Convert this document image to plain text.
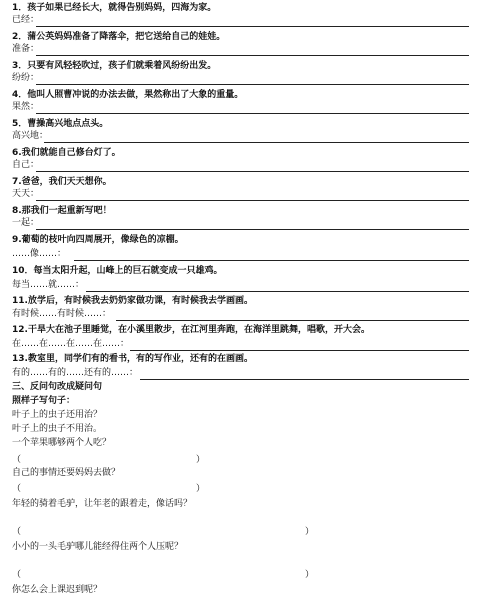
1．孩子如果已经长大，就得告别妈妈，四海为家。
已经：
2．蒲公英妈妈准备了降落伞，把它送给自己的娃娃。
准备：
3．只要有风轻轻吹过，孩子们就乘着风纷纷出发。
纷纷：
4．他叫人照曹冲说的办法去做，果然称出了大象的重量。
果然：
5．曹操高兴地点点头。
高兴地：
6.我们就能自己修台灯了。
自己：
7.爸爸，我们天天想你。
天天：
8.那我们一起重新写吧！
一起：
9.葡萄的枝叶向四周展开，像绿色的凉棚。
……像……：
10．每当太阳升起，山峰上的巨石就变成一只雄鸡。
每当……就……：
11.放学后，有时候我去奶奶家做功课，有时候我去学画画。
有时候……有时候……：
12.干旱大在池子里睡觉，在小溪里散步，在江河里奔跑，在海洋里跳舞，唱歌，开大会。
在……在……在……在……：
13.教室里，同学们有的看书，有的写作业，还有的在画画。
有的……有的……还有的……：
三、反问句改成疑问句
照样子写句子：
叶子上的虫子还用治？
叶子上的虫子不用治。
一个苹果哪够两个人吃？
（	）
自己的事情还要妈妈去做？
（	）
年轻的骑着毛驴，让年老的跟着走，像话吗？
（	）
小小的一头毛驴哪儿能经得住两个人压呢？
（	）
你怎么会上课迟到呢？
